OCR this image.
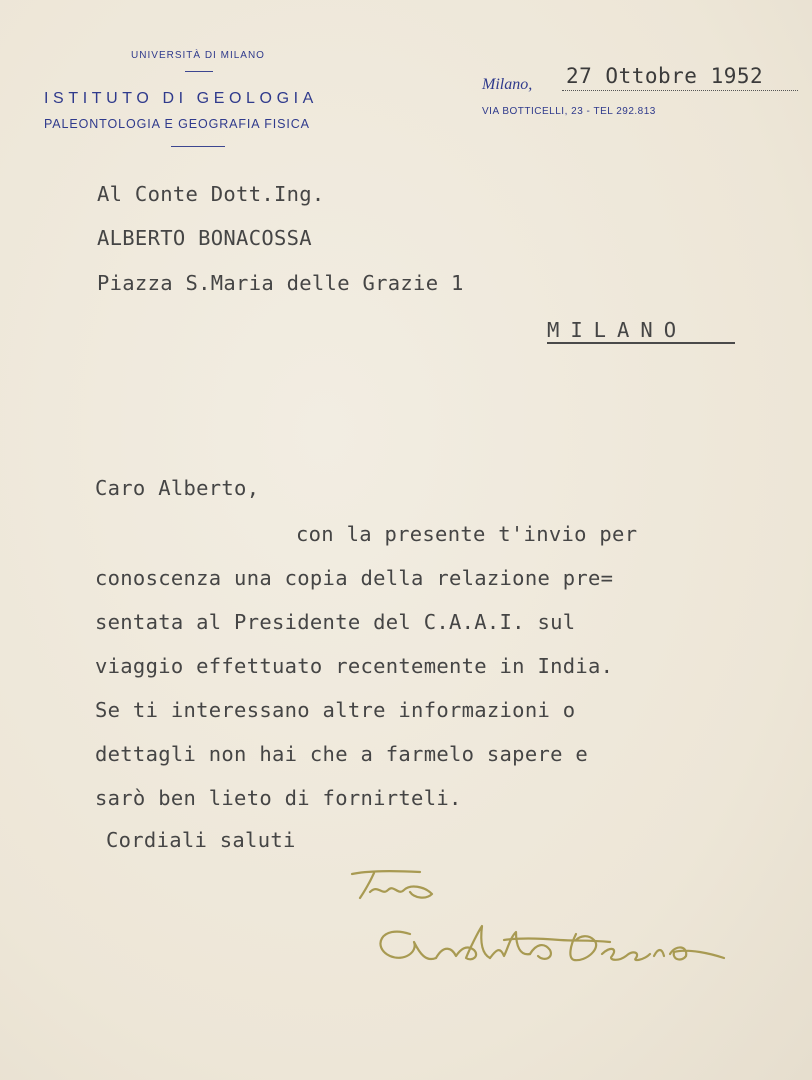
UNIVERSITÀ DI MILANO
ISTITUTO DI GEOLOGIA
PALEONTOLOGIA E GEOGRAFIA FISICA
Milano, 27 Ottobre 1952
VIA BOTTICELLI, 23 - TEL 292.813
Al Conte Dott.Ing.
ALBERTO BONACOSSA
Piazza S.Maria delle Grazie 1
MILANO
Caro Alberto,
con la presente t'invio per
conoscenza una copia della relazione pre=
sentata al Presidente del C.A.A.I. sul
viaggio effettuato recentemente in India.
Se ti interessano altre informazioni o
dettagli non hai che a farmelo sapere e
sarò ben lieto di fornirteli.
Cordiali saluti
